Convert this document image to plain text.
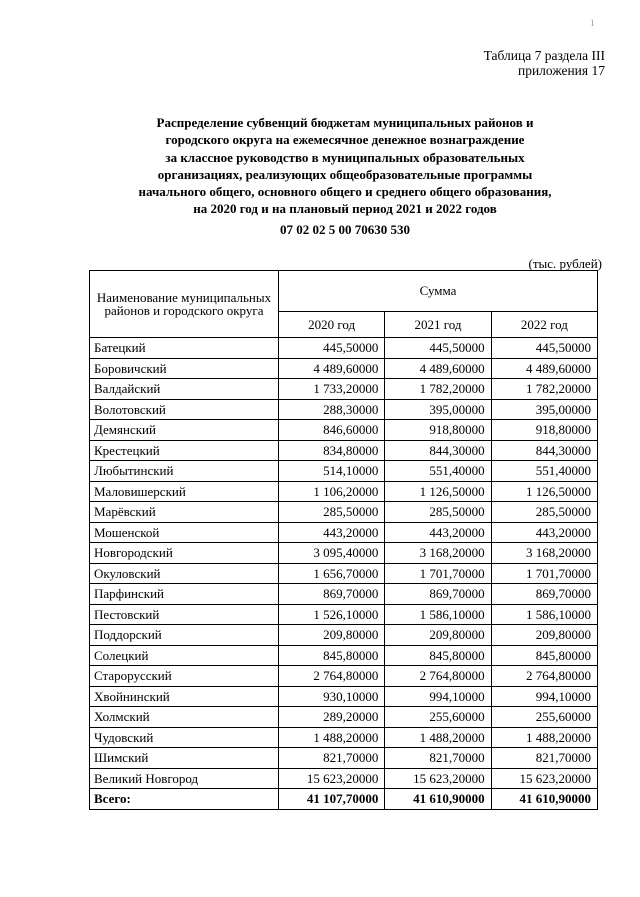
1
Таблица 7 раздела III
приложения 17
Распределение субвенций бюджетам муниципальных районов и
городского округа на ежемесячное денежное вознаграждение
за классное руководство в муниципальных образовательных
организациях, реализующих общеобразовательные программы
начального общего, основного общего и среднего общего образования,
на 2020 год и на плановый период 2021 и 2022 годов
07 02 02 5 00 70630 530
(тыс. рублей)
Наименование муниципальных районов и городского округа	Сумма		
	2020 год	2021 год	2022 год
Батецкий	445,50000	445,50000	445,50000
Боровичский	4 489,60000	4 489,60000	4 489,60000
Валдайский	1 733,20000	1 782,20000	1 782,20000
Волотовский	288,30000	395,00000	395,00000
Демянский	846,60000	918,80000	918,80000
Крестецкий	834,80000	844,30000	844,30000
Любытинский	514,10000	551,40000	551,40000
Маловишерский	1 106,20000	1 126,50000	1 126,50000
Марёвский	285,50000	285,50000	285,50000
Мошенской	443,20000	443,20000	443,20000
Новгородский	3 095,40000	3 168,20000	3 168,20000
Окуловский	1 656,70000	1 701,70000	1 701,70000
Парфинский	869,70000	869,70000	869,70000
Пестовский	1 526,10000	1 586,10000	1 586,10000
Поддорский	209,80000	209,80000	209,80000
Солецкий	845,80000	845,80000	845,80000
Старорусский	2 764,80000	2 764,80000	2 764,80000
Хвойнинский	930,10000	994,10000	994,10000
Холмский	289,20000	255,60000	255,60000
Чудовский	1 488,20000	1 488,20000	1 488,20000
Шимский	821,70000	821,70000	821,70000
Великий Новгород	15 623,20000	15 623,20000	15 623,20000
Всего:	41 107,70000	41 610,90000	41 610,90000
